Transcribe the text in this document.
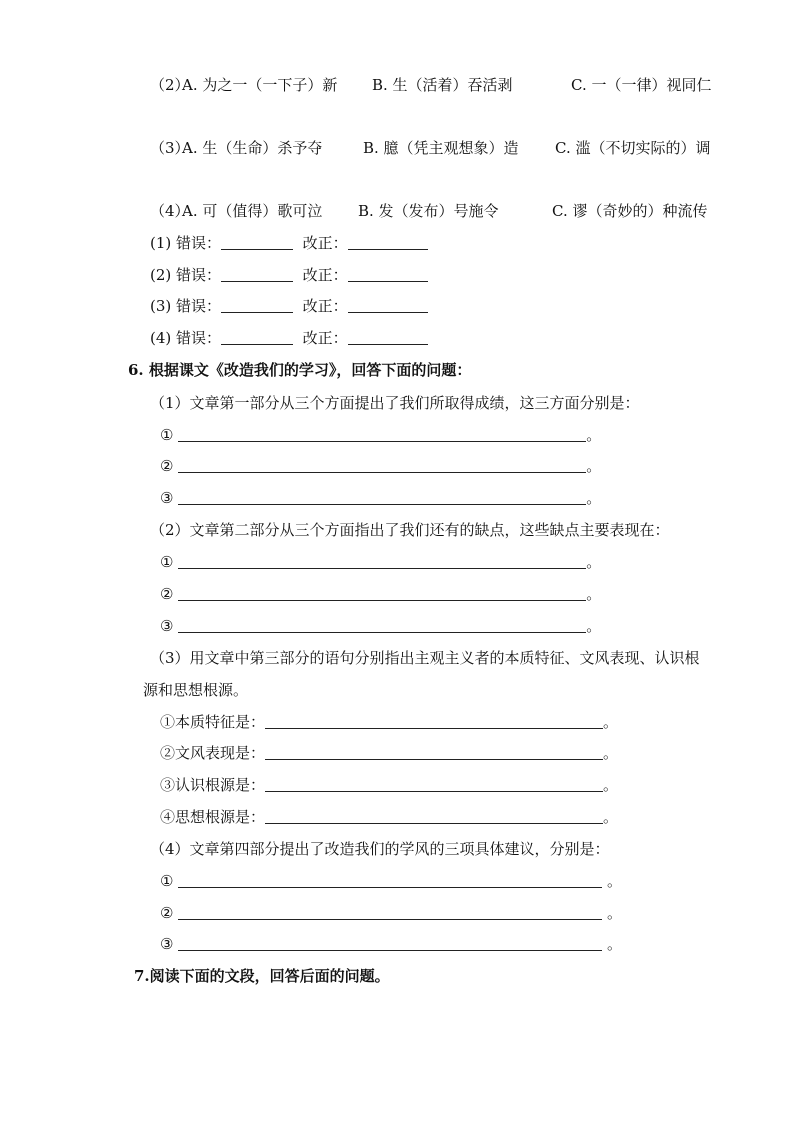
（2）
A. 为之一（一下子）新 B. 生（活着）吞活剥	C. 一（一律）视同仁
（3）
A. 生（生命）杀予夺	B. 臆（凭主观想象）造 C. 滥（不切实际的）调
（4）
A. 可（值得）歌可泣 B. 发（发布）号施令	C. 谬（奇妙的）种流传
(1) 错误：	改正：
(2) 错误：	改正：
(3) 错误：	改正：
(4) 错误：	改正：
6. 根据课文《改造我们的学习》，回答下面的问题：
（1）文章第一部分从三个方面提出了我们所取得成绩，这三方面分别是：
①	。
②	。
③	。
（2）文章第二部分从三个方面指出了我们还有的缺点，这些缺点主要表现在：
①	。
②	。
③	。
（3）用文章中第三部分的语句分别指出主观主义者的本质特征、文风表现、认识根
源和思想根源。
①本质特征是：	。
②文风表现是：	。
③认识根源是：	。
④思想根源是：	。
（4）文章第四部分提出了改造我们的学风的三项具体建议，分别是：
①	。
②	。
③	。
7.阅读下面的文段，回答后面的问题。
